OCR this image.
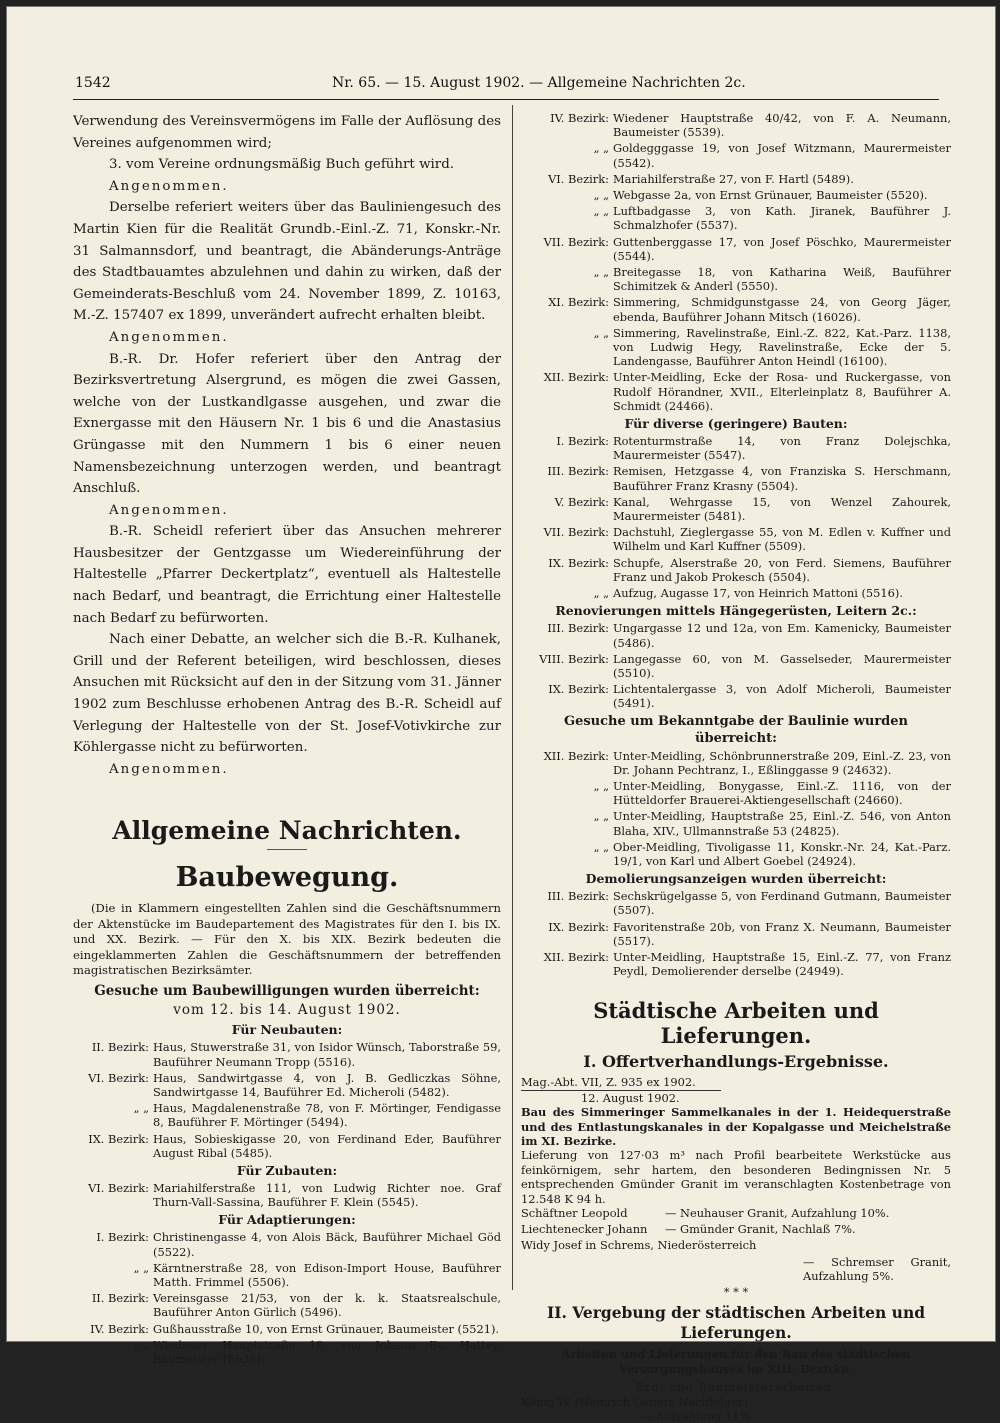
1542	Nr. 65. — 15. August 1902. — Allgemeine Nachrichten 2c.

Verwendung des Vereinsvermögens im Falle der Auflösung des Vereines aufgenommen wird;

3. vom Vereine ordnungsmäßig Buch geführt wird.

Angenommen.

Derselbe referiert weiters über das Bauliniengesuch des Martin Kien für die Realität Grundb.-Einl.-Z. 71, Konskr.-Nr. 31 Salmannsdorf, und beantragt, die Abänderungs-Anträge des Stadtbauamtes abzulehnen und dahin zu wirken, daß der Gemeinderats-Beschluß vom 24. November 1899, Z. 10163, M.-Z. 157407 ex 1899, unverändert aufrecht erhalten bleibt.

Angenommen.

B.-R. Dr. Hofer referiert über den Antrag der Bezirksvertretung Alsergrund, es mögen die zwei Gassen, welche von der Lustkandlgasse ausgehen, und zwar die Exnergasse mit den Häusern Nr. 1 bis 6 und die Anastasius Grüngasse mit den Nummern 1 bis 6 einer neuen Namensbezeichnung unterzogen werden, und beantragt Anschluß.

Angenommen.

B.-R. Scheidl referiert über das Ansuchen mehrerer Hausbesitzer der Gentzgasse um Wiedereinführung der Haltestelle „Pfarrer Deckertplatz“, eventuell als Haltestelle nach Bedarf, und beantragt, die Errichtung einer Haltestelle nach Bedarf zu befürworten.

Nach einer Debatte, an welcher sich die B.-R. Kulhanek, Grill und der Referent beteiligen, wird beschlossen, dieses Ansuchen mit Rücksicht auf den in der Sitzung vom 31. Jänner 1902 zum Beschlusse erhobenen Antrag des B.-R. Scheidl auf Verlegung der Haltestelle von der St. Josef-Votivkirche zur Köhlergasse nicht zu befürworten.

Angenommen.

Allgemeine Nachrichten.

Baubewegung.

(Die in Klammern eingestellten Zahlen sind die Geschäftsnummern der Aktenstücke im Baudepartement des Magistrates für den I. bis IX. und XX. Bezirk. — Für den X. bis XIX. Bezirk bedeuten die eingeklammerten Zahlen die Geschäftsnummern der betreffenden magistratischen Bezirksämter.

Gesuche um Baubewilligungen wurden überreicht:

vom 12. bis 14. August 1902.

Für Neubauten:

II. Bezirk: Haus, Stuwerstraße 31, von Isidor Wünsch, Taborstraße 59, Bauführer Neumann Tropp (5516).
VI. Bezirk: Haus, Sandwirtgasse 4, von J. B. Gedliczkas Söhne, Sandwirtgasse 14, Bauführer Ed. Micheroli (5482).
„ „ Haus, Magdalenenstraße 78, von F. Mörtinger, Fendigasse 8, Bauführer F. Mörtinger (5494).
IX. Bezirk: Haus, Sobieskigasse 20, von Ferdinand Eder, Bauführer August Ribal (5485).

Für Zubauten:

VI. Bezirk: Mariahilferstraße 111, von Ludwig Richter noe. Graf Thurn-Vall-Sassina, Bauführer F. Klein (5545).

Für Adaptierungen:

I. Bezirk: Christinengasse 4, von Alois Bäck, Bauführer Michael Göd (5522).
„ „ Kärntnerstraße 28, von Edison-Import House, Bauführer Matth. Frimmel (5506).
II. Bezirk: Vereinsgasse 21/53, von der k. k. Staatsrealschule, Bauführer Anton Gürlich (5496).
IV. Bezirk: Gußhausstraße 10, von Ernst Grünauer, Baumeister (5521).
„ „ Wiedener Hauptstraße 18, von Johann Ev. Hattey, Baumeister (5538).
IV. Bezirk: Wiedener Hauptstraße 40/42, von F. A. Neumann, Baumeister (5539).
„ „ Goldegggasse 19, von Josef Witzmann, Maurermeister (5542).
VI. Bezirk: Mariahilferstraße 27, von F. Hartl (5489).
„ „ Webgasse 2a, von Ernst Grünauer, Baumeister (5520).
„ „ Luftbadgasse 3, von Kath. Jiranek, Bauführer J. Schmalzhofer (5537).
VII. Bezirk: Guttenberggasse 17, von Josef Pöschko, Maurermeister (5544).
„ „ Breitegasse 18, von Katharina Weiß, Bauführer Schimitzek & Anderl (5550).
XI. Bezirk: Simmering, Schmidgunstgasse 24, von Georg Jäger, ebenda, Bauführer Johann Mitsch (16026).
„ „ Simmering, Ravelinstraße, Einl.-Z. 822, Kat.-Parz. 1138, von Ludwig Hegy, Ravelinstraße, Ecke der 5. Landengasse, Bauführer Anton Heindl (16100).
XII. Bezirk: Unter-Meidling, Ecke der Rosa- und Ruckergasse, von Rudolf Hörandner, XVII., Elterleinplatz 8, Bauführer A. Schmidt (24466).

Für diverse (geringere) Bauten:

I. Bezirk: Rotenturmstraße 14, von Franz Dolejschka, Maurermeister (5547).
III. Bezirk: Remisen, Hetzgasse 4, von Franziska S. Herschmann, Bauführer Franz Krasny (5504).
V. Bezirk: Kanal, Wehrgasse 15, von Wenzel Zahourek, Maurermeister (5481).
VII. Bezirk: Dachstuhl, Zieglergasse 55, von M. Edlen v. Kuffner und Wilhelm und Karl Kuffner (5509).
IX. Bezirk: Schupfe, Alserstraße 20, von Ferd. Siemens, Bauführer Franz und Jakob Prokesch (5504).
„ „ Aufzug, Augasse 17, von Heinrich Mattoni (5516).

Renovierungen mittels Hängegerüsten, Leitern 2c.:

III. Bezirk: Ungargasse 12 und 12a, von Em. Kamenicky, Baumeister (5486).
VIII. Bezirk: Langegasse 60, von M. Gasselseder, Maurermeister (5510).
IX. Bezirk: Lichtentalergasse 3, von Adolf Micheroli, Baumeister (5491).

Gesuche um Bekanntgabe der Baulinie wurden überreicht:

XII. Bezirk: Unter-Meidling, Schönbrunnerstraße 209, Einl.-Z. 23, von Dr. Johann Pechtranz, I., Eßlinggasse 9 (24632).
„ „ Unter-Meidling, Bonygasse, Einl.-Z. 1116, von der Hütteldorfer Brauerei-Aktiengesellschaft (24660).
„ „ Unter-Meidling, Hauptstraße 25, Einl.-Z. 546, von Anton Blaha, XIV., Ullmannstraße 53 (24825).
„ „ Ober-Meidling, Tivoligasse 11, Konskr.-Nr. 24, Kat.-Parz. 19/1, von Karl und Albert Goebel (24924).

Demolierungsanzeigen wurden überreicht:

III. Bezirk: Sechskrügelgasse 5, von Ferdinand Gutmann, Baumeister (5507).
IX. Bezirk: Favoritenstraße 20b, von Franz X. Neumann, Baumeister (5517).
XII. Bezirk: Unter-Meidling, Hauptstraße 15, Einl.-Z. 77, von Franz Peydl, Demolierender derselbe (24949).

Städtische Arbeiten und Lieferungen.

I. Offertverhandlungs-Ergebnisse.

Mag.-Abt. VII, Z. 935 ex 1902.

12. August 1902.

Bau des Simmeringer Sammelkanales in der 1. Heidequerstraße und des Entlastungskanales in der Kopalgasse und Meichelstraße im XI. Bezirke.

Lieferung von 127·03 m³ nach Profil bearbeitete Werkstücke aus feinkörnigem, sehr hartem, den besonderen Bedingnissen Nr. 5 entsprechenden Gmünder Granit im veranschlagten Kostenbetrage von 12.548 K 94 h.

Schäftner Leopold	— Neuhauser Granit, Aufzahlung 10%.
Liechtenecker Johann	— Gmünder Granit, Nachlaß 7%.
Widy Josef in Schrems, Niederösterreich
— Schremser Granit, Aufzahlung 5%.

* * *

II. Vergebung der städtischen Arbeiten und Lieferungen.

Arbeiten und Lieferungen für den Bau des städtischen Versorgungshauses im XIII. Bezirke.

Erd- und Baumeisterarbeiten.

König W. (Heinrich Oeners Nachfolger)

— Aufzahlung 11%.
